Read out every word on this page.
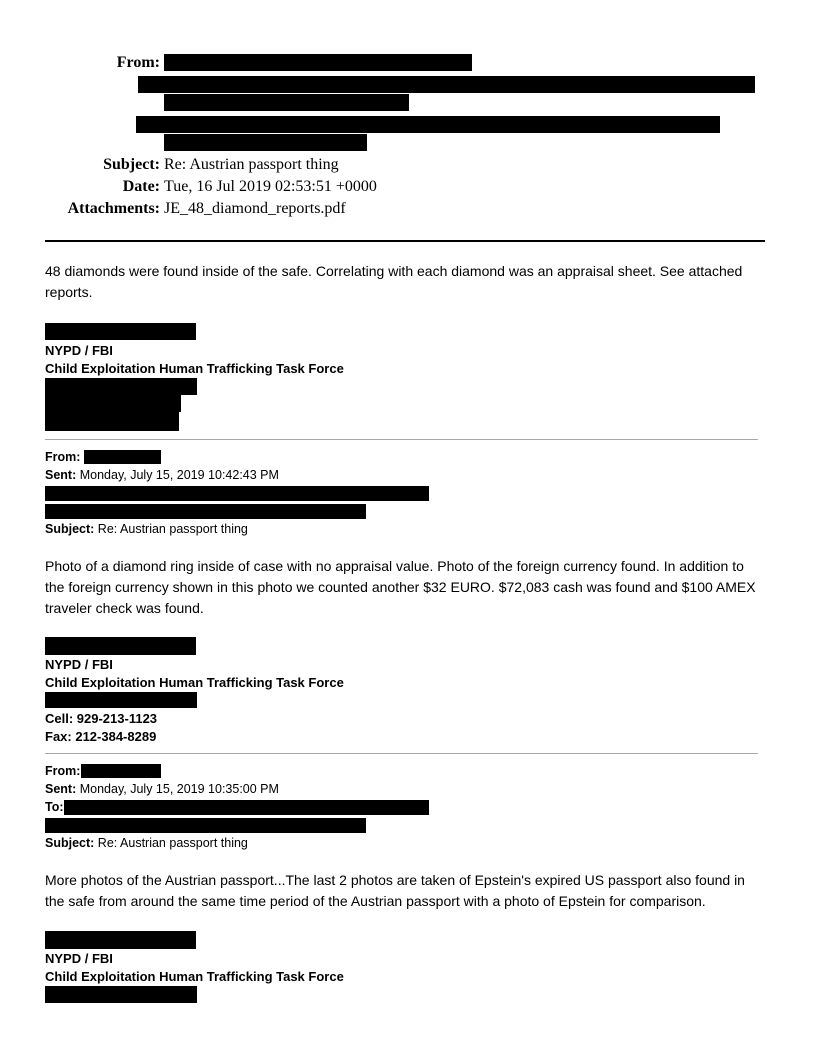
From:
Subject: Re: Austrian passport thing
Date: Tue, 16 Jul 2019 02:53:51 +0000
Attachments: JE_48_diamond_reports.pdf
48 diamonds were found inside of the safe. Correlating with each diamond was an appraisal sheet. See attached reports.
NYPD / FBI
Child Exploitation Human Trafficking Task Force
From:
Sent: Monday, July 15, 2019 10:42:43 PM
Subject: Re: Austrian passport thing
Photo of a diamond ring inside of case with no appraisal value. Photo of the foreign currency found. In addition to the foreign currency shown in this photo we counted another $32 EURO. $72,083 cash was found and $100 AMEX traveler check was found.
NYPD / FBI
Child Exploitation Human Trafficking Task Force
Cell: 929-213-1123
Fax: 212-384-8289
From:
Sent: Monday, July 15, 2019 10:35:00 PM
To:
Subject: Re: Austrian passport thing
More photos of the Austrian passport...The last 2 photos are taken of Epstein's expired US passport also found in the safe from around the same time period of the Austrian passport with a photo of Epstein for comparison.
NYPD / FBI
Child Exploitation Human Trafficking Task Force
